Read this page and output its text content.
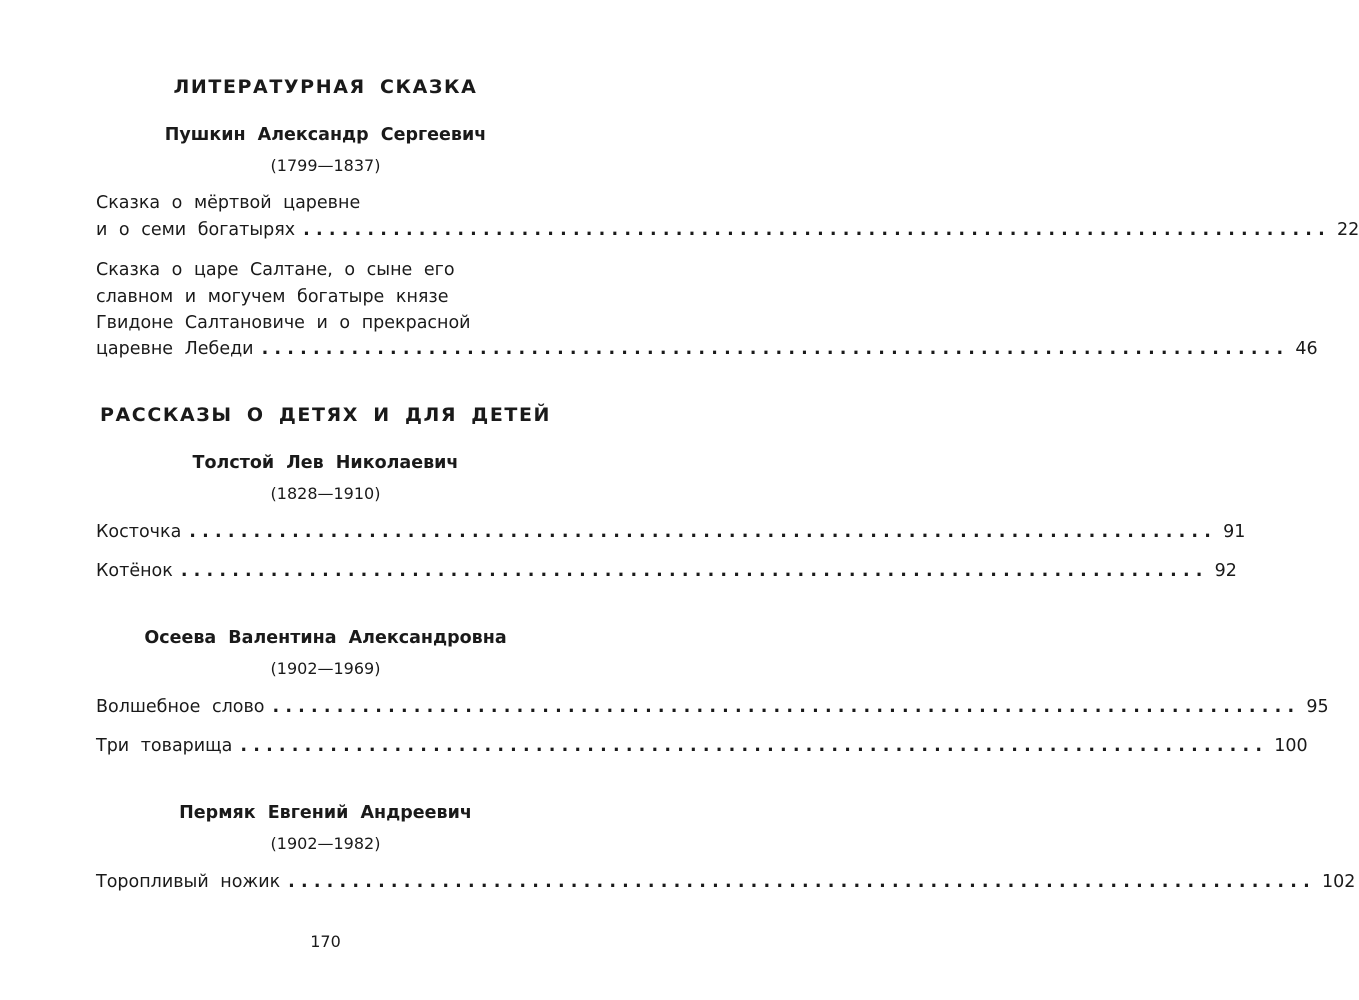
ЛИТЕРАТУРНАЯ СКАЗКА
Пушкин Александр Сергеевич
(1799—1837)
Сказка о мёртвой царевне
и о семи богатырях ................................................................................ 22
Сказка о царе Салтане, о сыне его
славном и могучем богатыре князе
Гвидоне Салтановиче и о прекрасной
царевне Лебеди ................................................................................ 46
РАССКАЗЫ О ДЕТЯХ И ДЛЯ ДЕТЕЙ
Толстой Лев Николаевич
(1828—1910)
Косточка ................................................................................ 91
Котёнок ................................................................................ 92
Осеева Валентина Александровна
(1902—1969)
Волшебное слово ................................................................................ 95
Три товарища ................................................................................ 100
Пермяк Евгений Андреевич
(1902—1982)
Торопливый ножик ................................................................................ 102
170
